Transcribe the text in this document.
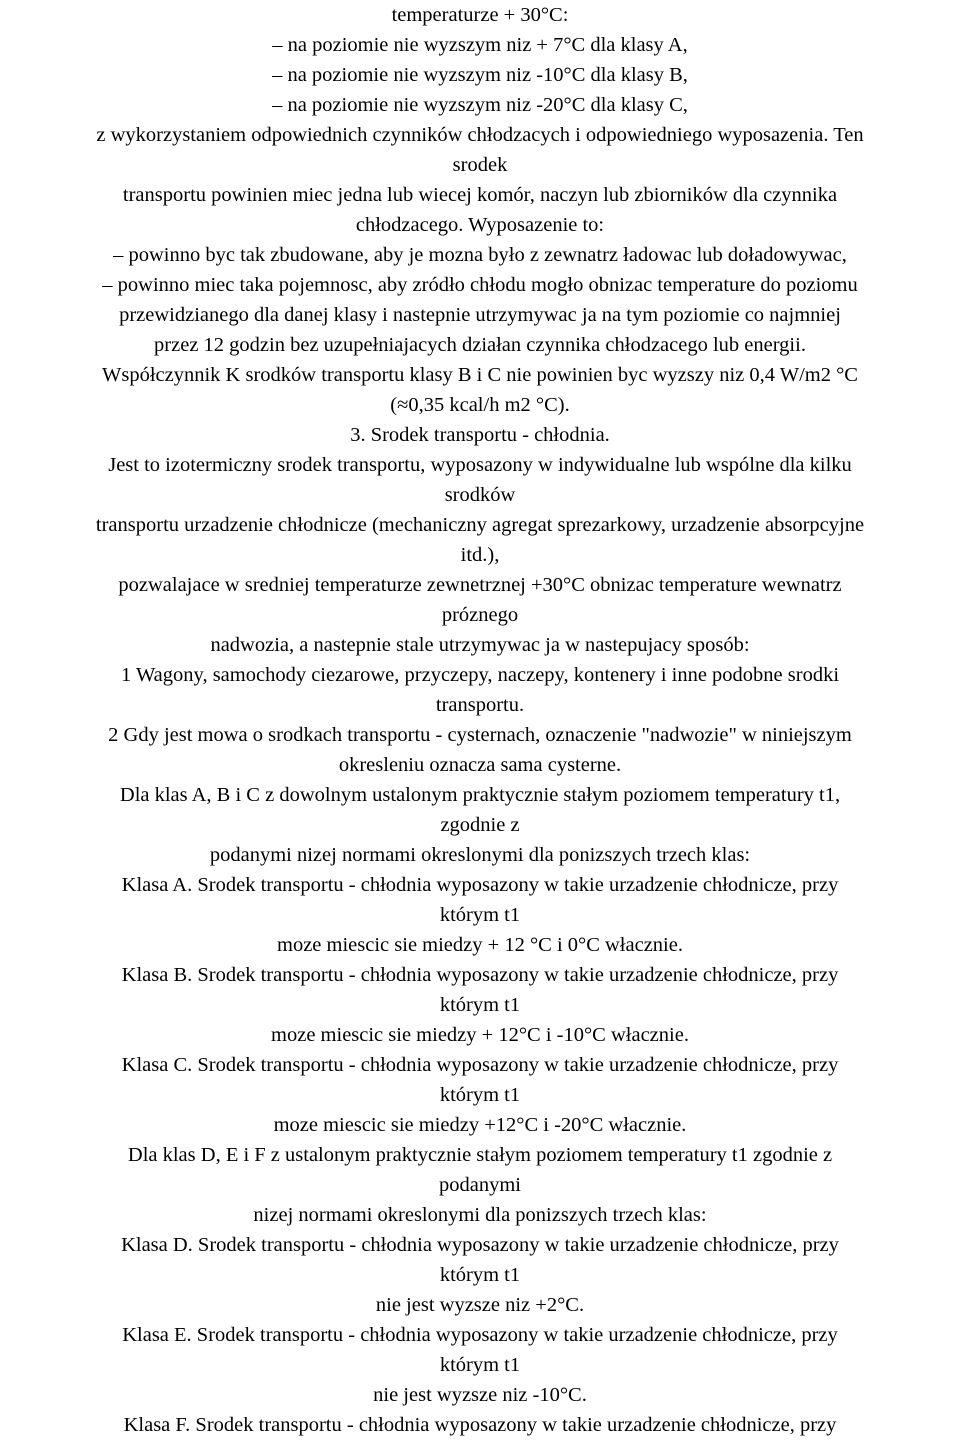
temperaturze + 30°C:
– na poziomie nie wyzszym niz + 7°C dla klasy A,
– na poziomie nie wyzszym niz -10°C dla klasy B,
– na poziomie nie wyzszym niz -20°C dla klasy C,
z wykorzystaniem odpowiednich czynników chłodzacych i odpowiedniego wyposazenia. Ten
srodek
transportu powinien miec jedna lub wiecej komór, naczyn lub zbiorników dla czynnika
chłodzacego. Wyposazenie to:
– powinno byc tak zbudowane, aby je mozna było z zewnatrz ładowac lub doładowywac,
– powinno miec taka pojemnosc, aby zródło chłodu mogło obnizac temperature do poziomu
przewidzianego dla danej klasy i nastepnie utrzymywac ja na tym poziomie co najmniej
przez 12 godzin bez uzupełniajacych działan czynnika chłodzacego lub energii.
Współczynnik K srodków transportu klasy B i C nie powinien byc wyzszy niz 0,4 W/m2 °C
(≈0,35 kcal/h m2 °C).
3. Srodek transportu - chłodnia.
Jest to izotermiczny srodek transportu, wyposazony w indywidualne lub wspólne dla kilku
srodków
transportu urzadzenie chłodnicze (mechaniczny agregat sprezarkowy, urzadzenie absorpcyjne
itd.),
pozwalajace w sredniej temperaturze zewnetrznej +30°C obnizac temperature wewnatrz
próznego
nadwozia, a nastepnie stale utrzymywac ja w nastepujacy sposób:
1 Wagony, samochody ciezarowe, przyczepy, naczepy, kontenery i inne podobne srodki
transportu.
2 Gdy jest mowa o srodkach transportu - cysternach, oznaczenie "nadwozie" w niniejszym
okresleniu oznacza sama cysterne.
Dla klas A, B i C z dowolnym ustalonym praktycznie stałym poziomem temperatury t1,
zgodnie z
podanymi nizej normami okreslonymi dla ponizszych trzech klas:
Klasa A. Srodek transportu - chłodnia wyposazony w takie urzadzenie chłodnicze, przy
którym t1
moze miescic sie miedzy + 12 °C i 0°C włacznie.
Klasa B. Srodek transportu - chłodnia wyposazony w takie urzadzenie chłodnicze, przy
którym t1
moze miescic sie miedzy + 12°C i -10°C włacznie.
Klasa C. Srodek transportu - chłodnia wyposazony w takie urzadzenie chłodnicze, przy
którym t1
moze miescic sie miedzy +12°C i -20°C włacznie.
Dla klas D, E i F z ustalonym praktycznie stałym poziomem temperatury t1 zgodnie z
podanymi
nizej normami okreslonymi dla ponizszych trzech klas:
Klasa D. Srodek transportu - chłodnia wyposazony w takie urzadzenie chłodnicze, przy
którym t1
nie jest wyzsze niz +2°C.
Klasa E. Srodek transportu - chłodnia wyposazony w takie urzadzenie chłodnicze, przy
którym t1
nie jest wyzsze niz -10°C.
Klasa F. Srodek transportu - chłodnia wyposazony w takie urzadzenie chłodnicze, przy
